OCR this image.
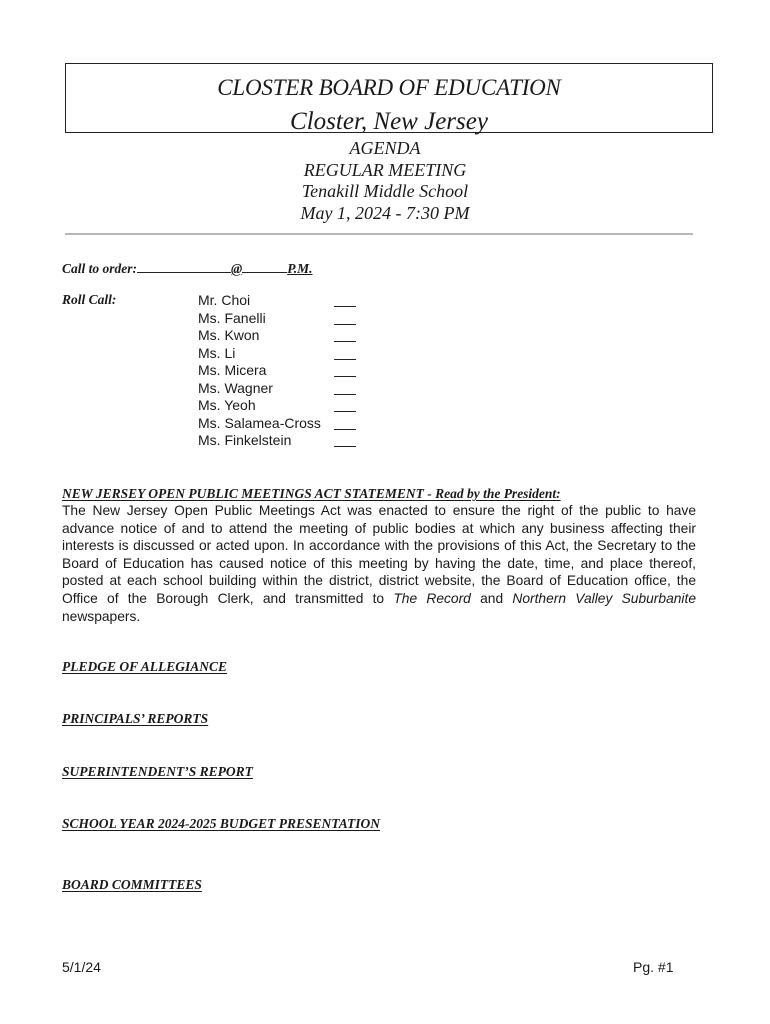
CLOSTER BOARD OF EDUCATION
Closter, New Jersey
AGENDA
REGULAR MEETING
Tenakill Middle School
May 1, 2024 - 7:30 PM
Call to order:	@	P.M.
Roll Call:	Mr. Choi
Ms. Fanelli
Ms. Kwon
Ms. Li
Ms. Micera
Ms. Wagner
Ms. Yeoh
Ms. Salamea-Cross
Ms. Finkelstein
NEW JERSEY OPEN PUBLIC MEETINGS ACT STATEMENT - Read by the President:
The New Jersey Open Public Meetings Act was enacted to ensure the right of the public to have advance notice of and to attend the meeting of public bodies at which any business affecting their interests is discussed or acted upon. In accordance with the provisions of this Act, the Secretary to the Board of Education has caused notice of this meeting by having the date, time, and place thereof, posted at each school building within the district, district website, the Board of Education office, the Office of the Borough Clerk, and transmitted to The Record and Northern Valley Suburbanite newspapers.
PLEDGE OF ALLEGIANCE
PRINCIPALS’ REPORTS
SUPERINTENDENT’S REPORT
SCHOOL YEAR 2024-2025 BUDGET PRESENTATION
BOARD COMMITTEES
5/1/24	Pg. #1
